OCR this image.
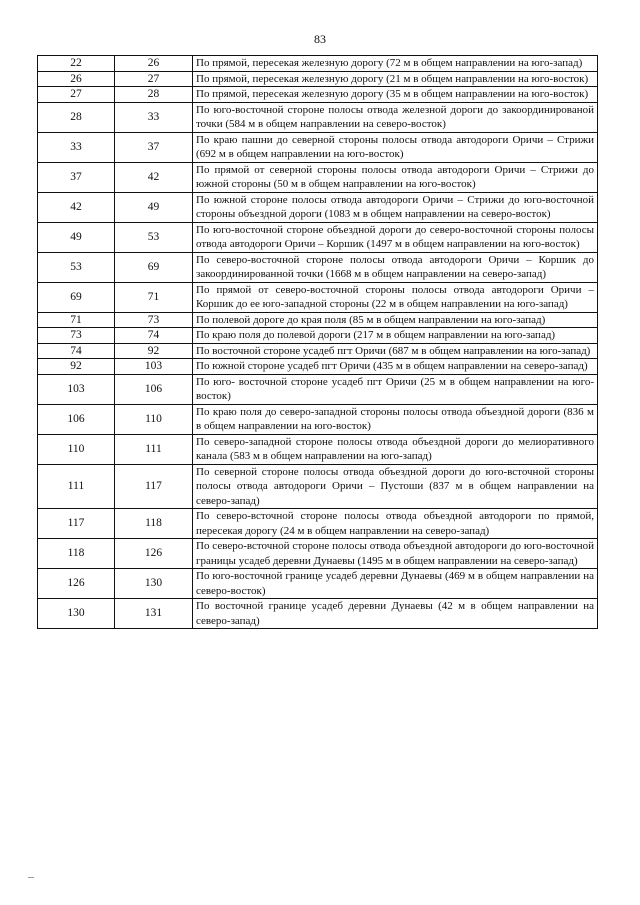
83
22	26	По прямой, пересекая железную дорогу (72 м в общем направлении на юго-запад)
26	27	По прямой, пересекая железную дорогу (21 м в общем направлении на юго-восток)
27	28	По прямой, пересекая железную дорогу (35 м в общем направлении на юго-восток)
28	33	По юго-восточной стороне полосы отвода железной дороги до закоординированой точки (584 м в общем направлении на северо-восток)
33	37	По краю пашни до северной стороны полосы отвода автодороги Оричи – Стрижи (692 м в общем направлении на юго-восток)
37	42	По прямой от северной стороны полосы отвода автодороги Оричи – Стрижи до южной стороны (50 м в общем направлении на юго-восток)
42	49	По южной стороне полосы отвода автодороги Оричи – Стрижи до юго-восточной стороны объездной дороги (1083 м в общем направлении на северо-восток)
49	53	По юго-восточной стороне объездной дороги до северо-восточной стороны полосы отвода автодороги Оричи – Коршик (1497 м в общем направлении на юго-восток)
53	69	По северо-восточной стороне полосы отвода автодороги Оричи – Коршик до закоординированной точки (1668 м в общем направлении на северо-запад)
69	71	По прямой от северо-восточной стороны полосы отвода автодороги Оричи – Коршик до ее юго-западной стороны (22 м в общем направлении на юго-запад)
71	73	По полевой дороге до края поля (85 м в общем направлении на юго-запад)
73	74	По краю поля до полевой дороги (217 м в общем направлении на юго-запад)
74	92	По восточной стороне усадеб пгт Оричи (687 м в общем направлении на юго-запад)
92	103	По южной стороне усадеб пгт Оричи (435 м в общем направлении на северо-запад)
103	106	По юго- восточной стороне усадеб пгт Оричи (25 м в общем направлении на юго-восток)
106	110	По краю поля до северо-западной стороны полосы отвода объездной дороги (836 м в общем направлении на юго-восток)
110	111	По северо-западной стороне полосы отвода объездной дороги до мелиоративного канала (583 м в общем направлении на юго-запад)
111	117	По северной стороне полосы отвода объездной дороги до юго-всточной стороны полосы отвода автодороги Оричи – Пустоши (837 м в общем направлении на северо-запад)
117	118	По северо-всточной стороне полосы отвода объездной автодороги по прямой, пересекая дорогу (24 м в общем направлении на северо-запад)
118	126	По северо-всточной стороне полосы отвода объездной автодороги до юго-восточной границы усадеб деревни Дунаевы (1495 м в общем направлении на северо-запад)
126	130	По юго-восточной границе усадеб деревни Дунаевы (469 м в общем направлении на северо-восток)
130	131	По восточной границе усадеб деревни Дунаевы (42 м в общем направлении на северо-запад)
